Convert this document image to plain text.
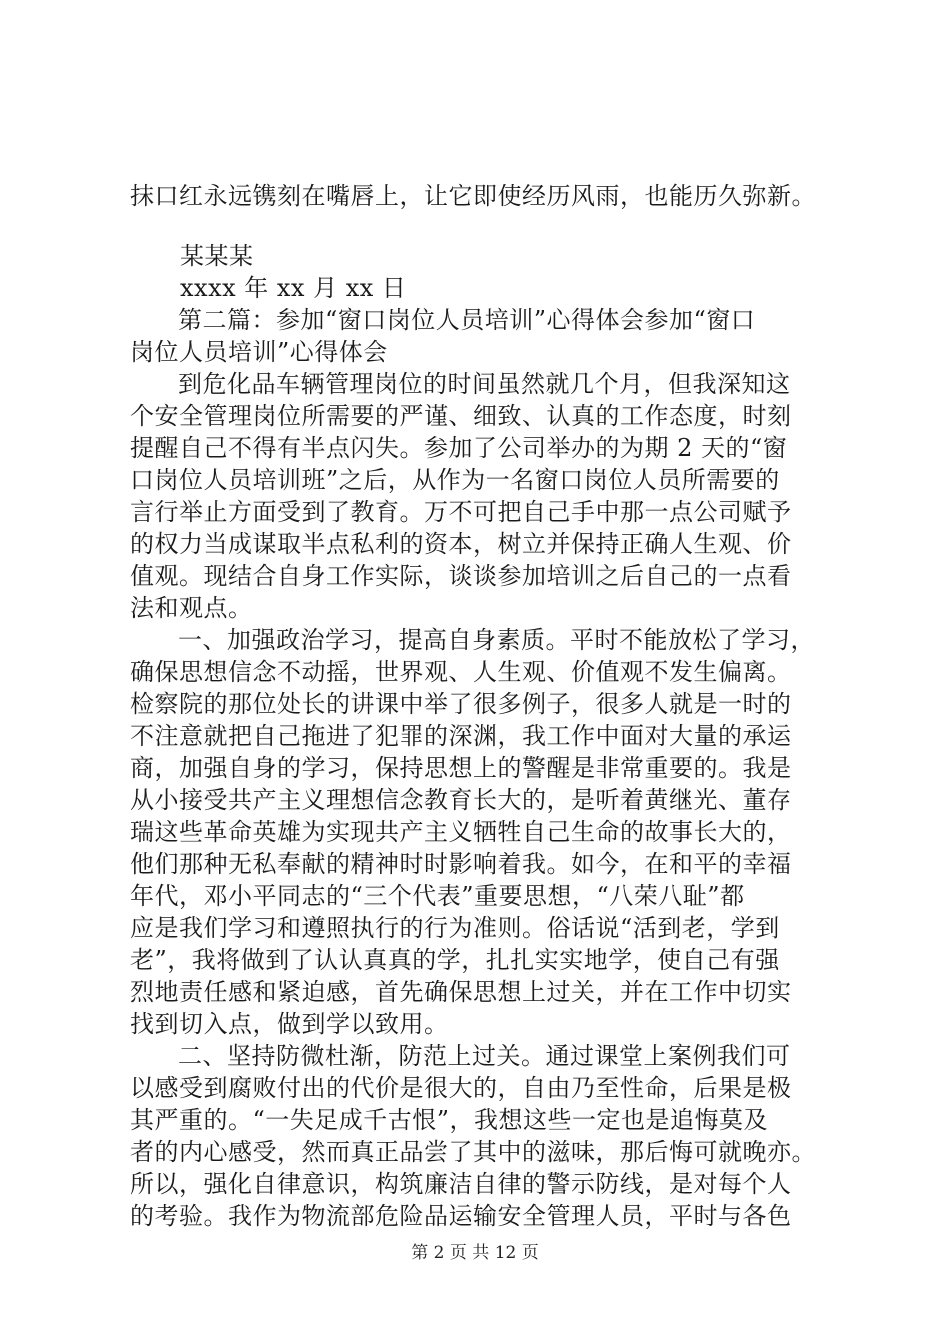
抹口红永远镌刻在嘴唇上，让它即使经历风雨，也能历久弥新。
某某某
xxxx 年 xx 月 xx 日
第二篇：参加“窗口岗位人员培训”心得体会参加“窗口
岗位人员培训”心得体会
到危化品车辆管理岗位的时间虽然就几个月，但我深知这
个安全管理岗位所需要的严谨、细致、认真的工作态度，时刻
提醒自己不得有半点闪失。参加了公司举办的为期 2 天的“窗
口岗位人员培训班”之后，从作为一名窗口岗位人员所需要的
言行举止方面受到了教育。万不可把自己手中那一点公司赋予
的权力当成谋取半点私利的资本，树立并保持正确人生观、价
值观。现结合自身工作实际，谈谈参加培训之后自己的一点看
法和观点。
一、加强政治学习，提高自身素质。平时不能放松了学习，
确保思想信念不动摇，世界观、人生观、价值观不发生偏离。
检察院的那位处长的讲课中举了很多例子，很多人就是一时的
不注意就把自己拖进了犯罪的深渊，我工作中面对大量的承运
商，加强自身的学习，保持思想上的警醒是非常重要的。我是
从小接受共产主义理想信念教育长大的，是听着黄继光、董存
瑞这些革命英雄为实现共产主义牺牲自己生命的故事长大的，
他们那种无私奉献的精神时时影响着我。如今，在和平的幸福
年代，邓小平同志的“三个代表”重要思想，“八荣八耻”都
应是我们学习和遵照执行的行为准则。俗话说“活到老，学到
老”，我将做到了认认真真的学，扎扎实实地学，使自己有强
烈地责任感和紧迫感，首先确保思想上过关，并在工作中切实
找到切入点，做到学以致用。
二、坚持防微杜渐，防范上过关。通过课堂上案例我们可
以感受到腐败付出的代价是很大的，自由乃至性命，后果是极
其严重的。“一失足成千古恨”，我想这些一定也是追悔莫及
者的内心感受，然而真正品尝了其中的滋味，那后悔可就晚亦。
所以，强化自律意识，构筑廉洁自律的警示防线，是对每个人
的考验。我作为物流部危险品运输安全管理人员，平时与各色
第 2 页 共 12 页
